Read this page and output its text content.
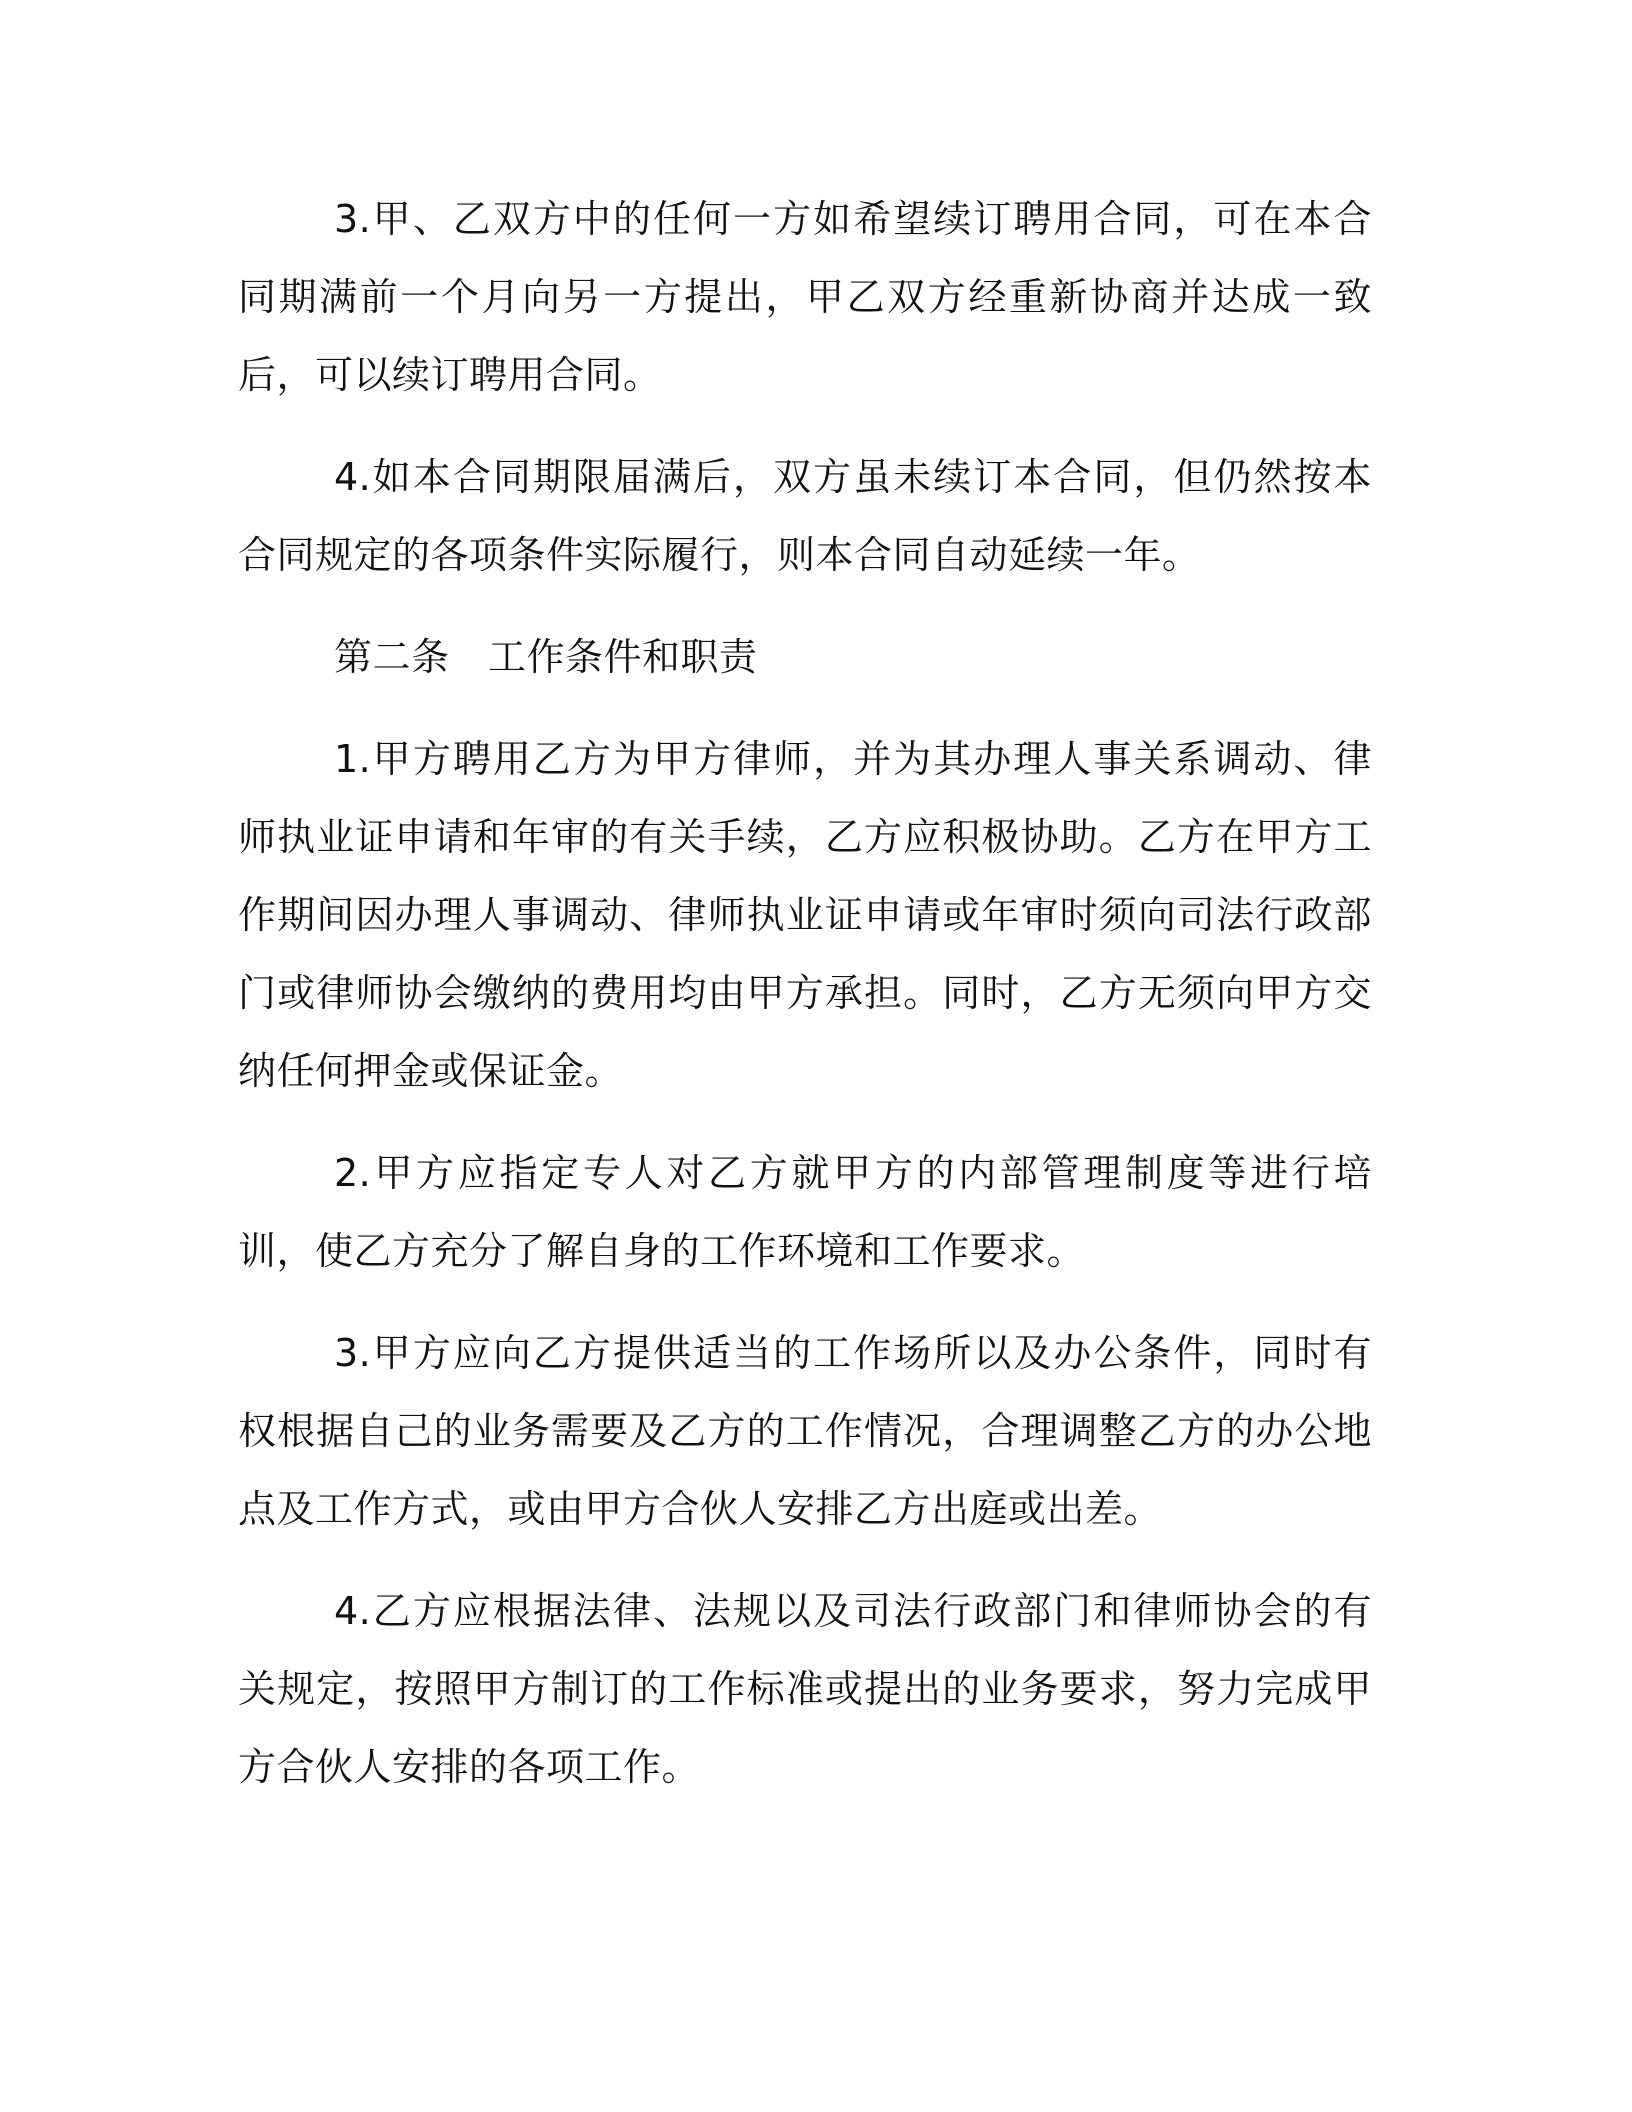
3.甲、乙双方中的任何一方如希望续订聘用合同，可在本合同期满前一个月向另一方提出，甲乙双方经重新协商并达成一致后，可以续订聘用合同。

4.如本合同期限届满后，双方虽未续订本合同，但仍然按本合同规定的各项条件实际履行，则本合同自动延续一年。

第二条　工作条件和职责

1.甲方聘用乙方为甲方律师，并为其办理人事关系调动、律师执业证申请和年审的有关手续，乙方应积极协助。乙方在甲方工作期间因办理人事调动、律师执业证申请或年审时须向司法行政部门或律师协会缴纳的费用均由甲方承担。同时，乙方无须向甲方交纳任何押金或保证金。

2.甲方应指定专人对乙方就甲方的内部管理制度等进行培训，使乙方充分了解自身的工作环境和工作要求。

3.甲方应向乙方提供适当的工作场所以及办公条件，同时有权根据自己的业务需要及乙方的工作情况，合理调整乙方的办公地点及工作方式，或由甲方合伙人安排乙方出庭或出差。

4.乙方应根据法律、法规以及司法行政部门和律师协会的有关规定，按照甲方制订的工作标准或提出的业务要求，努力完成甲方合伙人安排的各项工作。
